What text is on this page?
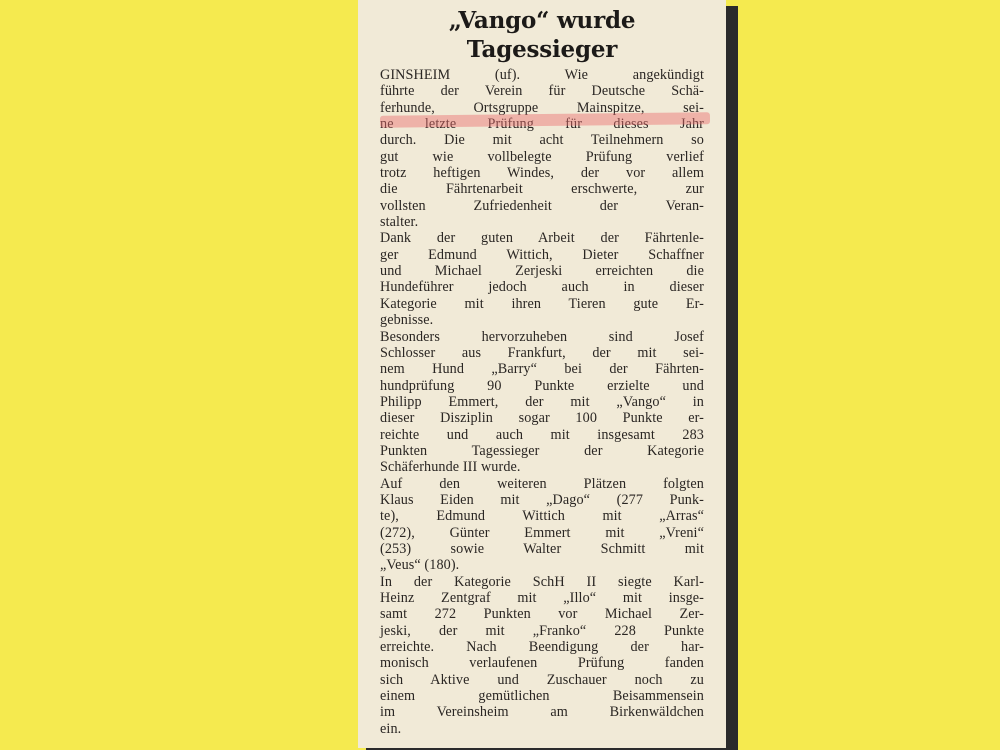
„Vango“ wurde
Tagessieger
GINSHEIM (uf). Wie angekündigt
führte der Verein für Deutsche Schä-
ferhunde, Ortsgruppe Mainspitze, sei-
ne letzte Prüfung für dieses Jahr
durch. Die mit acht Teilnehmern so
gut wie vollbelegte Prüfung verlief
trotz heftigen Windes, der vor allem
die Fährtenarbeit erschwerte, zur
vollsten Zufriedenheit der Veran-
stalter.
Dank der guten Arbeit der Fährtenle-
ger Edmund Wittich, Dieter Schaffner
und Michael Zerjeski erreichten die
Hundeführer jedoch auch in dieser
Kategorie mit ihren Tieren gute Er-
gebnisse.
Besonders hervorzuheben sind Josef
Schlosser aus Frankfurt, der mit sei-
nem Hund „Barry“ bei der Fährten-
hundprüfung 90 Punkte erzielte und
Philipp Emmert, der mit „Vango“ in
dieser Disziplin sogar 100 Punkte er-
reichte und auch mit insgesamt 283
Punkten Tagessieger der Kategorie
Schäferhunde III wurde.
Auf den weiteren Plätzen folgten
Klaus Eiden mit „Dago“ (277 Punk-
te), Edmund Wittich mit „Arras“
(272), Günter Emmert mit „Vreni“
(253) sowie Walter Schmitt mit
„Veus“ (180).
In der Kategorie SchH II siegte Karl-
Heinz Zentgraf mit „Illo“ mit insge-
samt 272 Punkten vor Michael Zer-
jeski, der mit „Franko“ 228 Punkte
erreichte. Nach Beendigung der har-
monisch verlaufenen Prüfung fanden
sich Aktive und Zuschauer noch zu
einem gemütlichen Beisammensein
im Vereinsheim am Birkenwäldchen
ein.
